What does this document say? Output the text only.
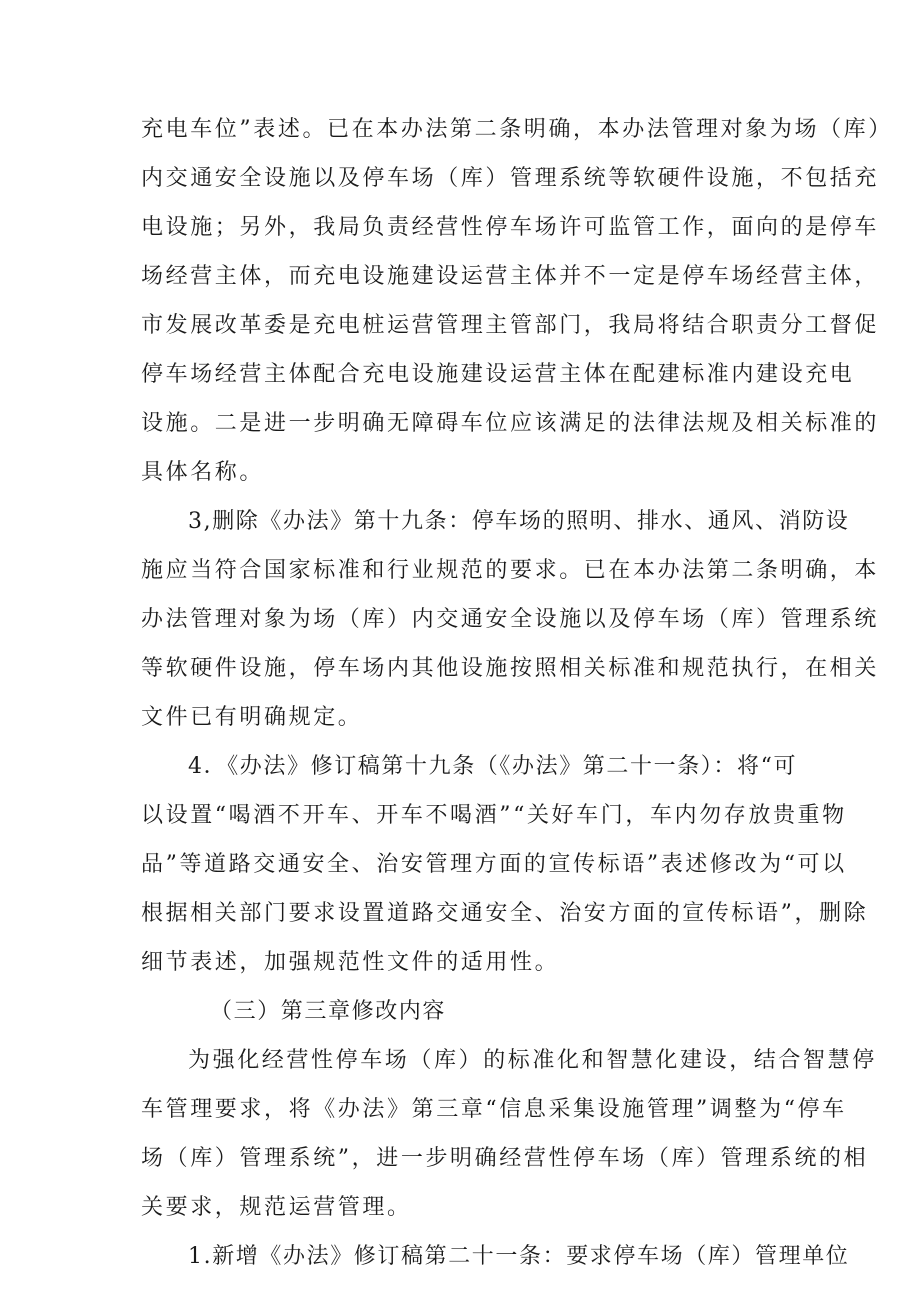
充电车位”表述。已在本办法第二条明确，本办法管理对象为场（库）
内交通安全设施以及停车场（库）管理系统等软硬件设施，不包括充
电设施；另外，我局负责经营性停车场许可监管工作，面向的是停车
场经营主体，而充电设施建设运营主体并不一定是停车场经营主体，
市发展改革委是充电桩运营管理主管部门，我局将结合职责分工督促
停车场经营主体配合充电设施建设运营主体在配建标准内建设充电
设施。二是进一步明确无障碍车位应该满足的法律法规及相关标准的
具体名称。
3,删除《办法》第十九条：停车场的照明、排水、通风、消防设
施应当符合国家标准和行业规范的要求。已在本办法第二条明确，本
办法管理对象为场（库）内交通安全设施以及停车场（库）管理系统
等软硬件设施，停车场内其他设施按照相关标准和规范执行，在相关
文件已有明确规定。
4．《办法》修订稿第十九条（《办法》第二十一条）：将“可
以设置“喝酒不开车、开车不喝酒”“关好车门，车内勿存放贵重物
品”等道路交通安全、治安管理方面的宣传标语”表述修改为“可以
根据相关部门要求设置道路交通安全、治安方面的宣传标语”，删除
细节表述，加强规范性文件的适用性。
（三）第三章修改内容
为强化经营性停车场（库）的标准化和智慧化建设，结合智慧停
车管理要求，将《办法》第三章“信息采集设施管理”调整为“停车
场（库）管理系统”，进一步明确经营性停车场（库）管理系统的相
关要求，规范运营管理。
1.新增《办法》修订稿第二十一条：要求停车场（库）管理单位
